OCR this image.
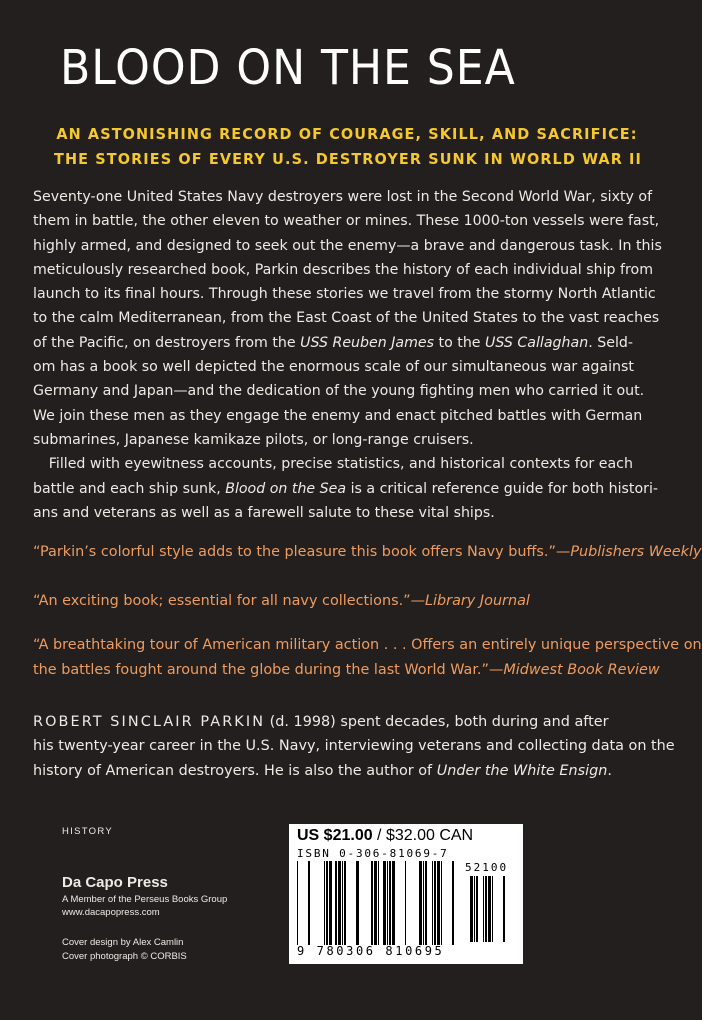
BLOOD ON THE SEA
AN ASTONISHING RECORD OF COURAGE, SKILL, AND SACRIFICE:
THE STORIES OF EVERY U.S. DESTROYER SUNK IN WORLD WAR II
Seventy-one United States Navy destroyers were lost in the Second World War, sixty of
them in battle, the other eleven to weather or mines. These 1000-ton vessels were fast,
highly armed, and designed to seek out the enemy—a brave and dangerous task. In this
meticulously researched book, Parkin describes the history of each individual ship from
launch to its final hours. Through these stories we travel from the stormy North Atlantic
to the calm Mediterranean, from the East Coast of the United States to the vast reaches
of the Pacific, on destroyers from the USS Reuben James to the USS Callaghan. Seld-
om has a book so well depicted the enormous scale of our simultaneous war against
Germany and Japan—and the dedication of the young fighting men who carried it out.
We join these men as they engage the enemy and enact pitched battles with German
submarines, Japanese kamikaze pilots, or long-range cruisers.
Filled with eyewitness accounts, precise statistics, and historical contexts for each
battle and each ship sunk, Blood on the Sea is a critical reference guide for both histori-
ans and veterans as well as a farewell salute to these vital ships.
“Parkin’s colorful style adds to the pleasure this book offers Navy buffs.”—Publishers Weekly
“An exciting book; essential for all navy collections.”—Library Journal
“A breathtaking tour of American military action . . . Offers an entirely unique perspective on
the battles fought around the globe during the last World War.”—Midwest Book Review
ROBERT SINCLAIR PARKIN (d. 1998) spent decades, both during and after
his twenty-year career in the U.S. Navy, interviewing veterans and collecting data on the
history of American destroyers. He is also the author of Under the White Ensign.
HISTORY
Da Capo Press
A Member of the Perseus Books Group
www.dacapopress.com
Cover design by Alex Camlin
Cover photograph © CORBIS
US $21.00 / $32.00 CAN
ISBN 0-306-81069-7
52100
9 780306 810695
